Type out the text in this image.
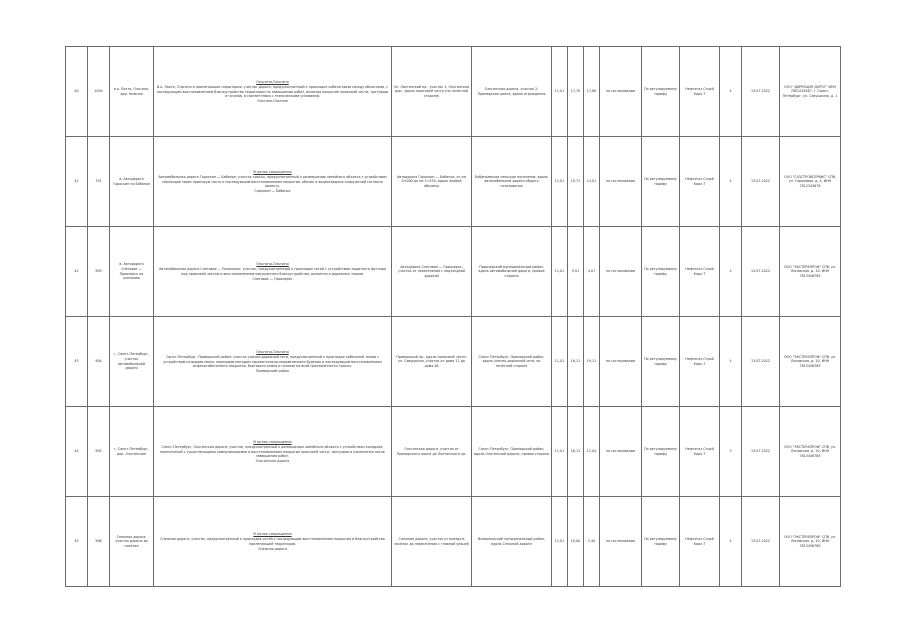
40	1094	в.о. Лахта, Ольгино, дор. Нижняя	Ольгино-Ольгино
В.о. Лахта, Ольгино и прилегающая территория: участок дороги, предусмотренный к прокладке кабеля связи между объектами, с последующим восстановлением благоустройства территории по завершении работ, включая покрытие проезжей части, тротуаров и газонов, в соответствии с техническими условиями.
Ольгино-Ольгино	Ул. Лахтинский пр., участок 1; Ольгинская дор., вдоль проезжей части (по нечётной стороне)	Ольгинская дорога, участок 2; Приморское шоссе, вдоль ограждения	11,01	17,70	17,80	на согласовании	По регулируемому тарифу	Нефтегаз-Строй Карл-Т	4	13.07.2022	ООО "ДИРЕКЦИЯ ДОРОГ" ИНН 7801234567, г. Санкт-Петербург, ул. Савушкина, д. 1
41	701	в. Автодорога Гороскин по Бабанье	В целях сокращения
Автомобильная дорога Гороскин — Бабанье: участок трассы, предусмотренный к размещению линейного объекта с устройством переходов через проезжую часть и последующим восстановлением покрытия, обочин и водоотводных сооружений согласно проекту.
Гороскин — Бабанье	Автодорога Гороскин — Бабанье, от км 0+000 до км 2+450, вдоль правой обочины	Бабаньевское сельское поселение, вдоль автомобильной дороги общего пользования	11,01	19,72	14,01	на согласовании	По регулируемому тарифу	Нефтегаз-Строй Карл-Т	4	13.07.2022	ООО "ГАЗСТРОЙСЕРВИС" СПб, ул. Гороховая, д. 4, ИНН 7812345678
42	903	в. Автодорога Снеговое — Приозерск по указанию	Ольгино-Ольгино
Автомобильная дорога Снеговое — Приозерск: участок, предусмотренный к прокладке сетей с устройством защитного футляра под проезжей частью и восстановлением нарушенного благоустройства, разметки и дорожных знаков.
Снеговое — Приозерск	Автодорога Снеговое — Приозерск, участок от пересечения с подъездной дорогой	Приозерский муниципальный район, вдоль автомобильной дороги, правая сторона	11,01	9,01	4,07	на согласовании	По регулируемому тарифу	Нефтегаз-Строй Карл-Т	4	13.07.2022	ООО "ЭКСТЕРАПРОФ" СПб, ул. Лиговская, д. 10, ИНН 7813456789
43	904	г. Санкт-Петербург, участок автомобильной дороги	Ольгино-Ольгино
Санкт-Петербург, Приморский район: участок улично-дорожной сети, предусмотренный к прокладке кабельной линии с устройством колодцев связи, переходов методом горизонтально-направленного бурения и последующим восстановлением асфальтобетонного покрытия, бортового камня и газонов по всей протяжённости трассы.
Приморский район	Приморский пр., вдоль проезжей части; ул. Савушкина, участок от дома 12 до дома 48	Санкт-Петербург, Приморский район, вдоль улично-дорожной сети, по нечётной стороне	11,01	16,11	19,11	на согласовании	По регулируемому тарифу	Нефтегаз-Строй Карл-Т	4	13.07.2022	ООО "ЭКСТЕРАПРОФ" СПб, ул. Лиговская, д. 10, ИНН 7813456789
44	905	г. Санкт-Петербург, дор. Ольгинская	В целях сокращения
Санкт-Петербург, Ольгинская дорога: участок, предусмотренный к размещению линейного объекта с устройством колодцев, пересечений с существующими коммуникациями и восстановлением покрытия проезжей части, тротуаров и озеленения после завершения работ.
Ольгинская дорога	Ольгинская дорога, участок от Приморского шоссе до Лахтинского пр.	Санкт-Петербург, Приморский район, вдоль Ольгинской дороги, правая сторона	11,01	16,11	12,04	на согласовании	По регулируемому тарифу	Нефтегаз-Строй Карл-Т	3	13.07.2022	ООО "ЭКСТЕРАПРОФ" СПб, ул. Лиговская, д. 10, ИНН 7813456789
45	906	Снежная дорога, участок дороги до посёлка	В целях сокращения
Снежная дорога: участок, предусмотренный к прокладке сетей с последующим восстановлением покрытия и благоустройства прилегающей территории.
Снежная дорога	Снежная дорога, участок от въезда в посёлок до пересечения с главной улицей	Всеволожский муниципальный район, вдоль Снежной дороги	11,01	10,00	2,40	на согласовании	По регулируемому тарифу	Нефтегаз-Строй Карл-Т	4	13.07.2022	ООО "ЭКСТЕРАПРОФ" СПб, ул. Лиговская, д. 10, ИНН 7813456789
